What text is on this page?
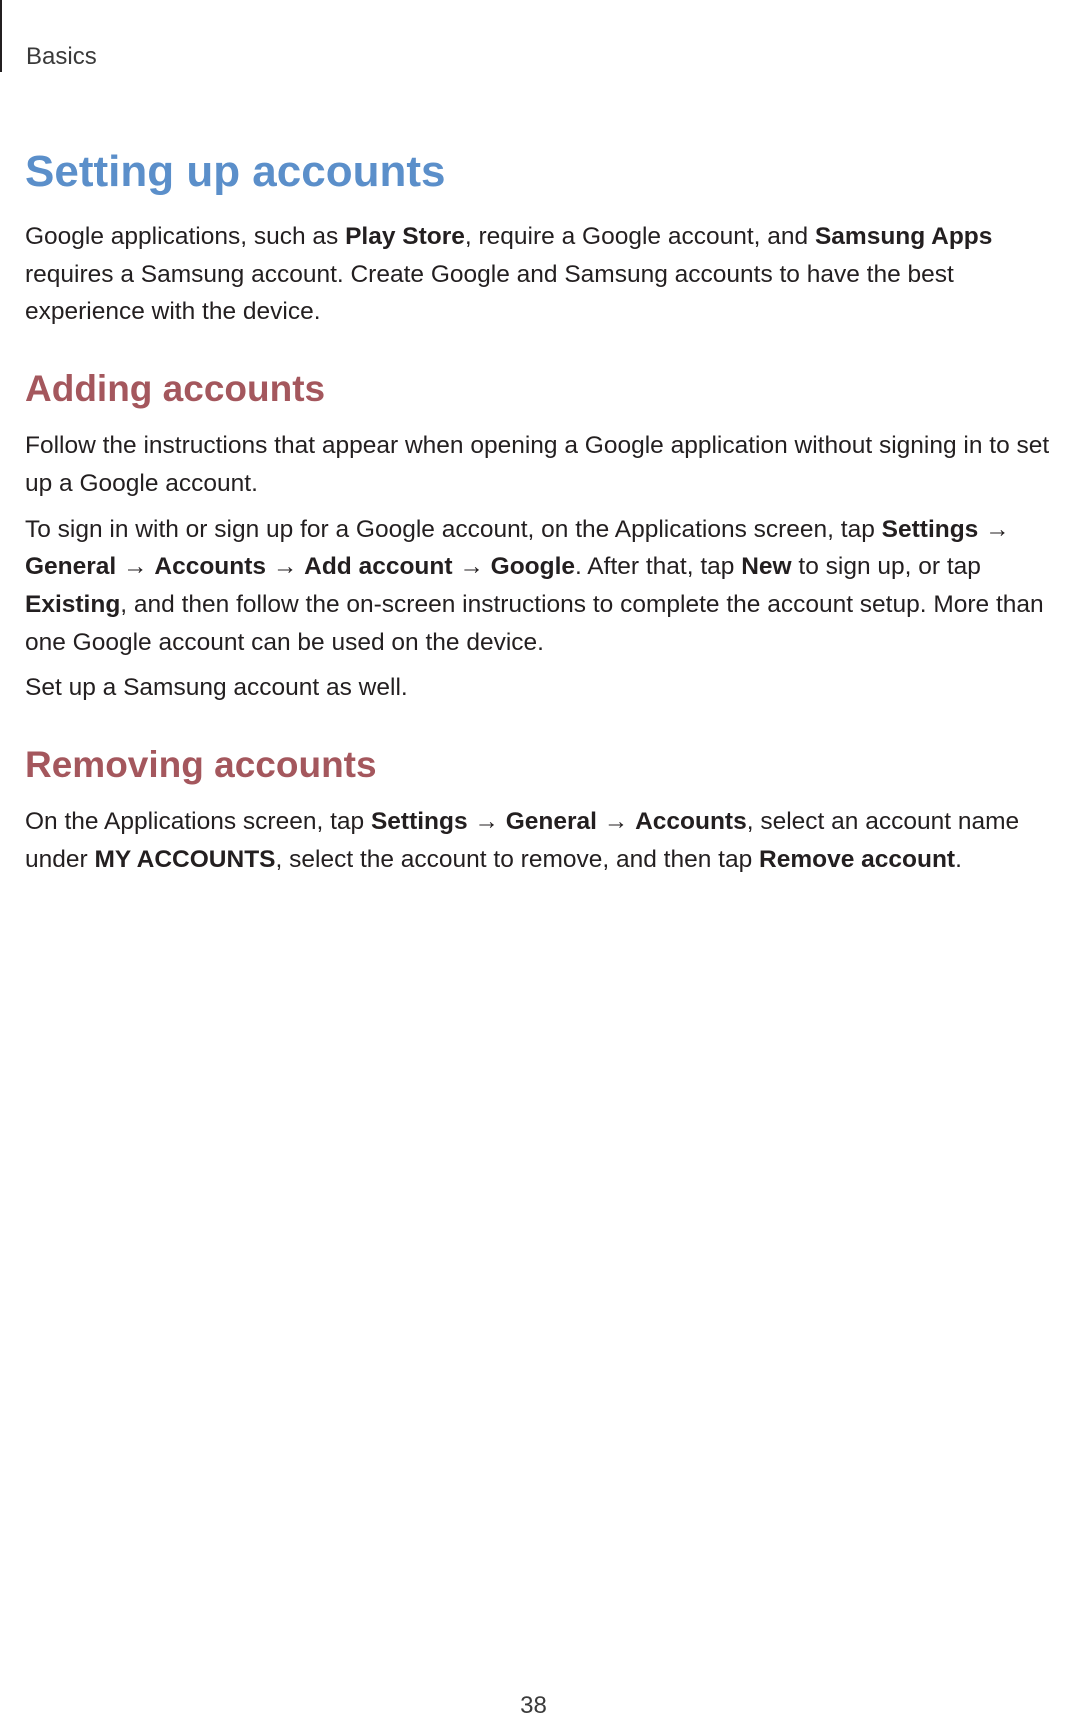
Basics
Setting up accounts

Google applications, such as Play Store, require a Google account, and Samsung Apps requires a Samsung account. Create Google and Samsung accounts to have the best experience with the device.

Adding accounts

Follow the instructions that appear when opening a Google application without signing in to set up a Google account.

To sign in with or sign up for a Google account, on the Applications screen, tap Settings → General → Accounts → Add account → Google. After that, tap New to sign up, or tap Existing, and then follow the on-screen instructions to complete the account setup. More than one Google account can be used on the device.

Set up a Samsung account as well.

Removing accounts

On the Applications screen, tap Settings → General → Accounts, select an account name under MY ACCOUNTS, select the account to remove, and then tap Remove account.

38
